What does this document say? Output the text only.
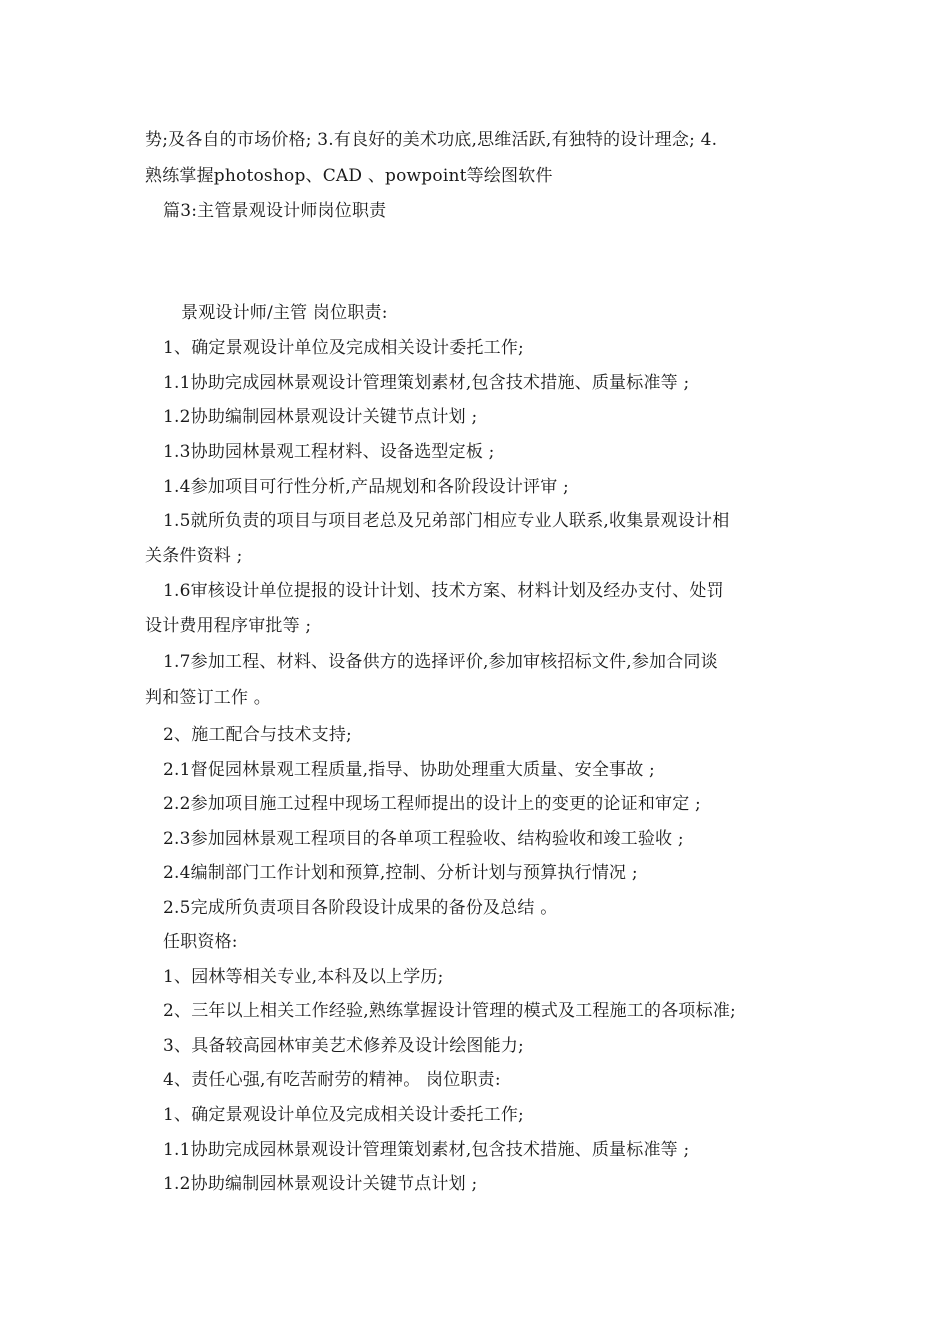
势;及各自的市场价格; 3.有良好的美术功底,思维活跃,有独特的设计理念; 4.
熟练掌握photoshop、CAD 、powpoint等绘图软件
篇3:主管景观设计师岗位职责
景观设计师/主管 岗位职责:
1、确定景观设计单位及完成相关设计委托工作;
1.1协助完成园林景观设计管理策划素材,包含技术措施、质量标准等 ;
1.2协助编制园林景观设计关键节点计划 ;
1.3协助园林景观工程材料、设备选型定板 ;
1.4参加项目可行性分析,产品规划和各阶段设计评审 ;
1.5就所负责的项目与项目老总及兄弟部门相应专业人联系,收集景观设计相
关条件资料 ;
1.6审核设计单位提报的设计计划、技术方案、材料计划及经办支付、处罚
设计费用程序审批等 ;
1.7参加工程、材料、设备供方的选择评价,参加审核招标文件,参加合同谈
判和签订工作 。
2、施工配合与技术支持;
2.1督促园林景观工程质量,指导、协助处理重大质量、安全事故 ;
2.2参加项目施工过程中现场工程师提出的设计上的变更的论证和审定 ;
2.3参加园林景观工程项目的各单项工程验收、结构验收和竣工验收 ;
2.4编制部门工作计划和预算,控制、分析计划与预算执行情况 ;
2.5完成所负责项目各阶段设计成果的备份及总结 。
任职资格:
1、园林等相关专业,本科及以上学历;
2、三年以上相关工作经验,熟练掌握设计管理的模式及工程施工的各项标准;
3、具备较高园林审美艺术修养及设计绘图能力;
4、责任心强,有吃苦耐劳的精神。 岗位职责:
1、确定景观设计单位及完成相关设计委托工作;
1.1协助完成园林景观设计管理策划素材,包含技术措施、质量标准等 ;
1.2协助编制园林景观设计关键节点计划 ;
